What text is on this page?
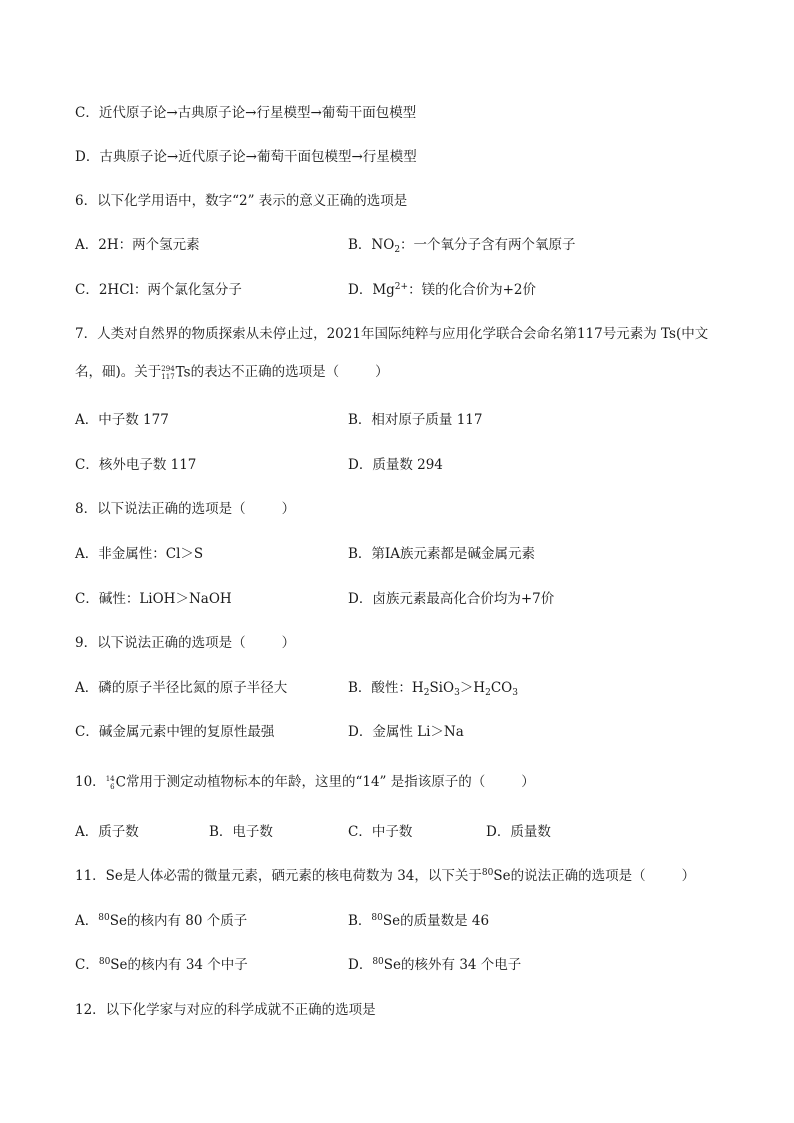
C．近代原子论→古典原子论→行星模型→葡萄干面包模型
D．古典原子论→近代原子论→葡萄干面包模型→行星模型
6．以下化学用语中，数字“2” 表示的意义正确的选项是
A．2H：两个氢元素	B．$NO_2$：一个氧分子含有两个氧原子
C．2HCl：两个氯化氢分子	D．$Mg^{2+}$：镁的化合价为+2价
7．人类对自然界的物质探索从未停止过，2021年国际纯粹与应用化学联合会命名第117号元素为 Ts(中文
名，鿬)。关于 294
117 Ts的表达不正确的选项是（	）
A．中子数 177	B．相对原子质量 117
C．核外电子数 117	D．质量数 294
8．以下说法正确的选项是（	）
A．非金属性：Cl＞S	B．第ⅠA族元素都是碱金属元素
C．碱性：LiOH＞NaOH	D．卤族元素最高化合价均为+7价
9．以下说法正确的选项是（	）
A．磷的原子半径比氮的原子半径大	B．酸性：$H_2SiO_3>H_2CO_3$
C．碱金属元素中锂的复原性最强	D．金属性 Li＞Na
10． 14
6 C常用于测定动植物标本的年龄，这里的“14” 是指该原子的（	）
A．质子数	B．电子数	C．中子数	D．质量数
11．Se是人体必需的微量元素，硒元素的核电荷数为 34，以下关于$^{80}$Se的说法正确的选项是（	）
A．$^{80}$Se的核内有 80 个质子	B．$^{80}$Se的质量数是 46
C．$^{80}$Se的核内有 34 个中子	D．$^{80}$Se的核外有 34 个电子
12．以下化学家与对应的科学成就不正确的选项是
